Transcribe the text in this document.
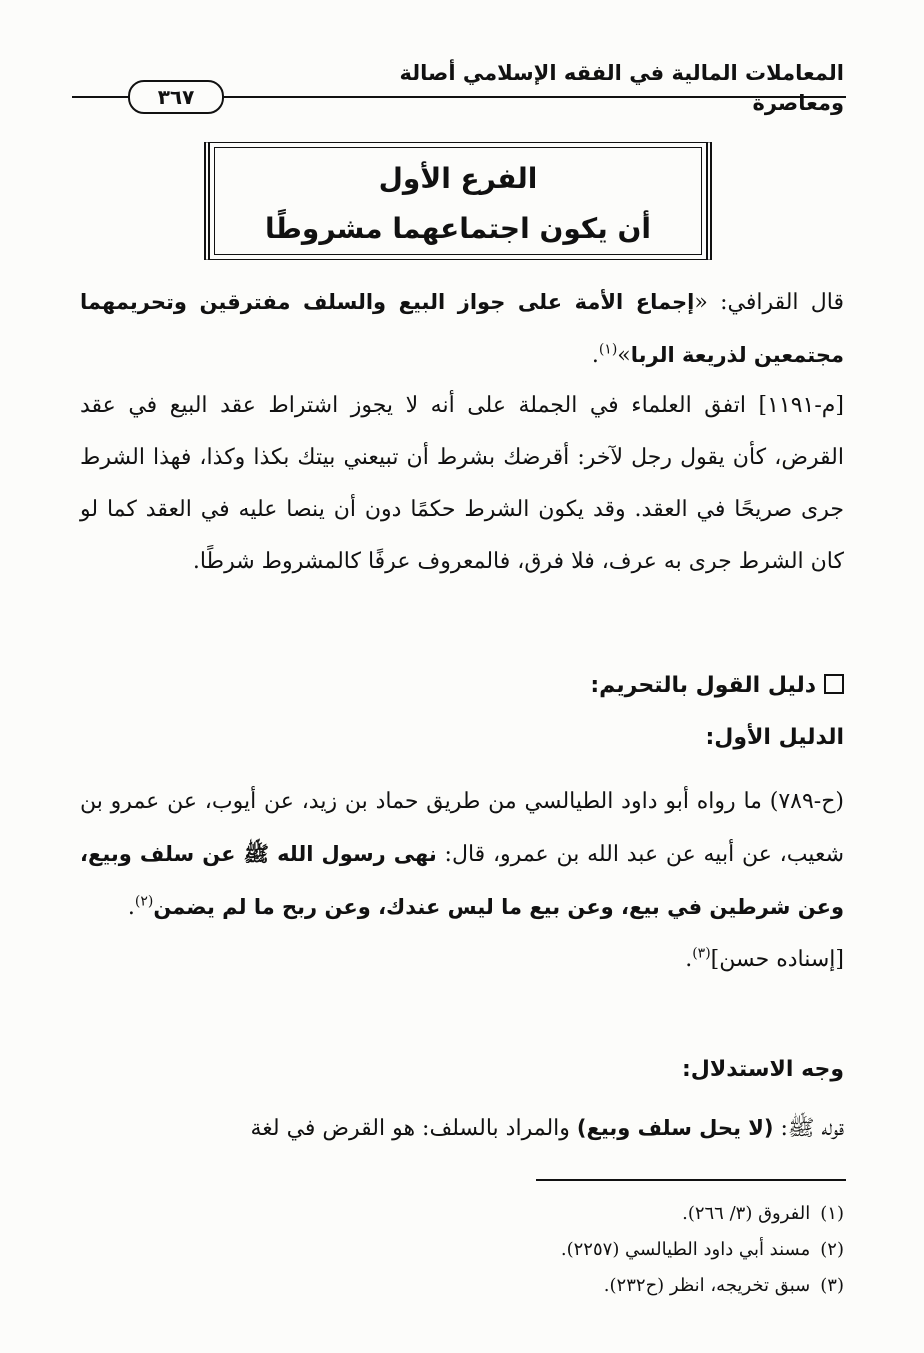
المعاملات المالية في الفقه الإسلامي أصالة ومعاصرة
٣٦٧
الفرع الأول
أن يكون اجتماعهما مشروطًا
قال القرافي: «إجماع الأمة على جواز البيع والسلف مفترقين وتحريمهما مجتمعين لذريعة الربا»$^{(١)}$.
[م-١١٩١] اتفق العلماء في الجملة على أنه لا يجوز اشتراط عقد البيع في عقد القرض، كأن يقول رجل لآخر: أقرضك بشرط أن تبيعني بيتك بكذا وكذا، فهذا الشرط جرى صريحًا في العقد. وقد يكون الشرط حكمًا دون أن ينصا عليه في العقد كما لو كان الشرط جرى به عرف، فلا فرق، فالمعروف عرفًا كالمشروط شرطًا.
دليل القول بالتحريم:
الدليل الأول:
(ح-٧٨٩) ما رواه أبو داود الطيالسي من طريق حماد بن زيد، عن أيوب، عن عمرو بن شعيب، عن أبيه عن عبد الله بن عمرو، قال: نهى رسول الله ﷺ عن سلف وبيع، وعن شرطين في بيع، وعن بيع ما ليس عندك، وعن ربح ما لم يضمن$^{(٢)}$.
[إسناده حسن]$^{(٣)}$.
وجه الاستدلال:
قوله ﷺ: (لا يحل سلف وبيع) والمراد بالسلف: هو القرض في لغة
(١)الفروق (٣/ ٢٦٦).
(٢)مسند أبي داود الطيالسي (٢٢٥٧).
(٣)سبق تخريجه، انظر (ح٢٣٢).
